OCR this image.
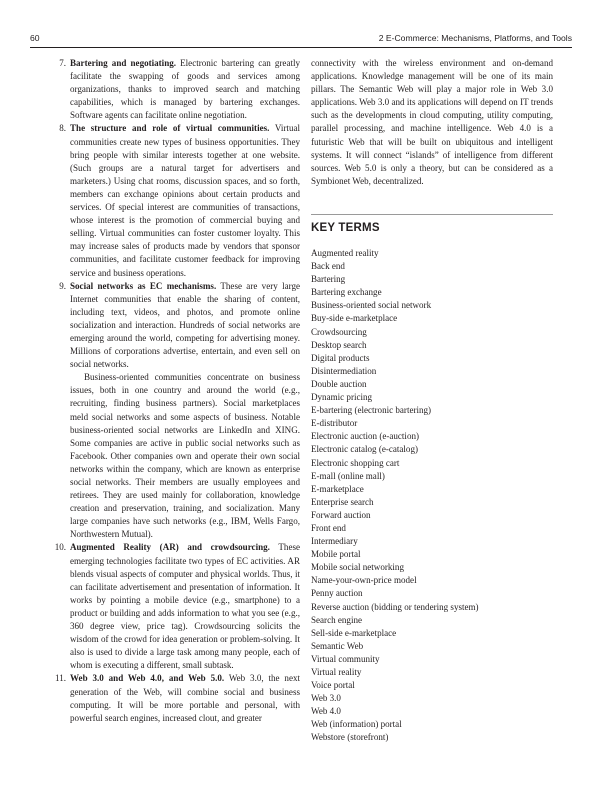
60	2 E-Commerce: Mechanisms, Platforms, and Tools
7. Bartering and negotiating. Electronic bartering can greatly facilitate the swapping of goods and services among organizations, thanks to improved search and matching capabilities, which is managed by bartering exchanges. Software agents can facilitate online negotiation.

8. The structure and role of virtual communities. Virtual communities create new types of business opportunities. They bring people with similar interests together at one website. (Such groups are a natural target for advertisers and marketers.) Using chat rooms, discussion spaces, and so forth, members can exchange opinions about certain products and services. Of special interest are communities of transactions, whose interest is the promotion of commercial buying and selling. Virtual communities can foster customer loyalty. This may increase sales of products made by vendors that sponsor communities, and facilitate customer feedback for improving service and business operations.

9. Social networks as EC mechanisms. These are very large Internet communities that enable the sharing of content, including text, videos, and photos, and promote online socialization and interaction. Hundreds of social networks are emerging around the world, competing for advertising money. Millions of corporations advertise, entertain, and even sell on social networks.

Business-oriented communities concentrate on business issues, both in one country and around the world (e.g., recruiting, finding business partners). Social marketplaces meld social networks and some aspects of business. Notable business-oriented social networks are LinkedIn and XING. Some companies are active in public social networks such as Facebook. Other companies own and operate their own social networks within the company, which are known as enterprise social networks. Their members are usually employees and retirees. They are used mainly for collaboration, knowledge creation and preservation, training, and socialization. Many large companies have such networks (e.g., IBM, Wells Fargo, Northwestern Mutual).

10. Augmented Reality (AR) and crowdsourcing. These emerging technologies facilitate two types of EC activities. AR blends visual aspects of computer and physical worlds. Thus, it can facilitate advertisement and presentation of information. It works by pointing a mobile device (e.g., smartphone) to a product or building and adds information to what you see (e.g., 360 degree view, price tag). Crowdsourcing solicits the wisdom of the crowd for idea generation or problem-solving. It also is used to divide a large task among many people, each of whom is executing a different, small subtask.

11. Web 3.0 and Web 4.0, and Web 5.0. Web 3.0, the next generation of the Web, will combine social and business computing. It will be more portable and personal, with powerful search engines, increased clout, and greater

connectivity with the wireless environment and on-demand applications. Knowledge management will be one of its main pillars. The Semantic Web will play a major role in Web 3.0 applications. Web 3.0 and its applications will depend on IT trends such as the developments in cloud computing, utility computing, parallel processing, and machine intelligence. Web 4.0 is a futuristic Web that will be built on ubiquitous and intelligent systems. It will connect “islands” of intelligence from different sources. Web 5.0 is only a theory, but can be considered as a Symbionet Web, decentralized.

KEY TERMS
Augmented reality
Back end
Bartering
Bartering exchange
Business-oriented social network
Buy-side e-marketplace
Crowdsourcing
Desktop search
Digital products
Disintermediation
Double auction
Dynamic pricing
E-bartering (electronic bartering)
E-distributor
Electronic auction (e-auction)
Electronic catalog (e-catalog)
Electronic shopping cart
E-mall (online mall)
E-marketplace
Enterprise search
Forward auction
Front end
Intermediary
Mobile portal
Mobile social networking
Name-your-own-price model
Penny auction
Reverse auction (bidding or tendering system)
Search engine
Sell-side e-marketplace
Semantic Web
Virtual community
Virtual reality
Voice portal
Web 3.0
Web 4.0
Web (information) portal
Webstore (storefront)
